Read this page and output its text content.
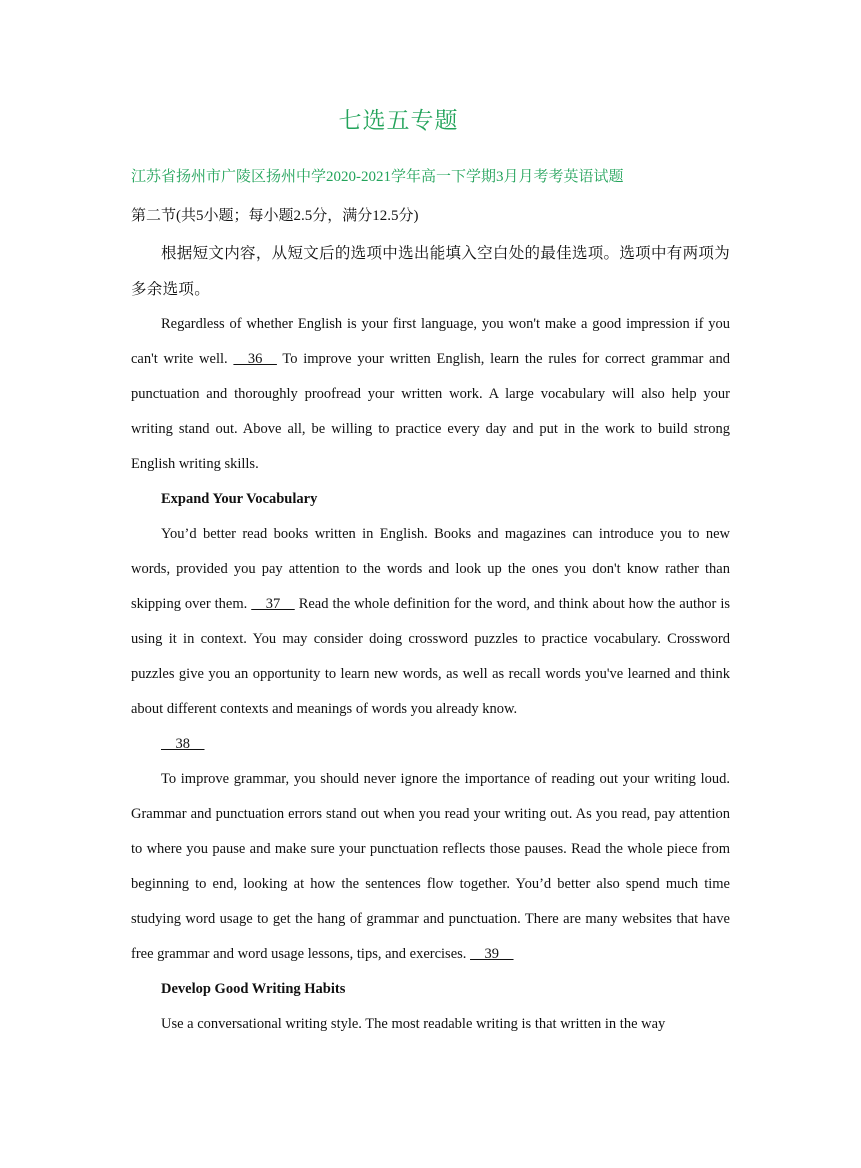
七选五专题
江苏省扬州市广陵区扬州中学2020-2021学年高一下学期3月月考考英语试题
第二节(共5小题；每小题2.5分，满分12.5分)

根据短文内容，从短文后的选项中选出能填入空白处的最佳选项。选项中有两项为多余选项。

Regardless of whether English is your first language, you won't make a good impression if you can't write well.     36     To improve your written English, learn the rules for correct grammar and punctuation and thoroughly proofread your written work. A large vocabulary will also help your writing stand out. Above all, be willing to practice every day and put in the work to build strong English writing skills.

Expand Your Vocabulary

You’d better read books written in English. Books and magazines can introduce you to new words, provided you pay attention to the words and look up the ones you don't know rather than skipping over them.     37     Read the whole definition for the word, and think about how the author is using it in context. You may consider doing crossword puzzles to practice vocabulary. Crossword puzzles give you an opportunity to learn new words, as well as recall words you've learned and think about different contexts and meanings of words you already know.

38

To improve grammar, you should never ignore the importance of reading out your writing loud. Grammar and punctuation errors stand out when you read your writing out. As you read, pay attention to where you pause and make sure your punctuation reflects those pauses. Read the whole piece from beginning to end, looking at how the sentences flow together. You’d better also spend much time studying word usage to get the hang of grammar and punctuation. There are many websites that have free grammar and word usage lessons, tips, and exercises.     39

Develop Good Writing Habits

Use a conversational writing style. The most readable writing is that written in the way
